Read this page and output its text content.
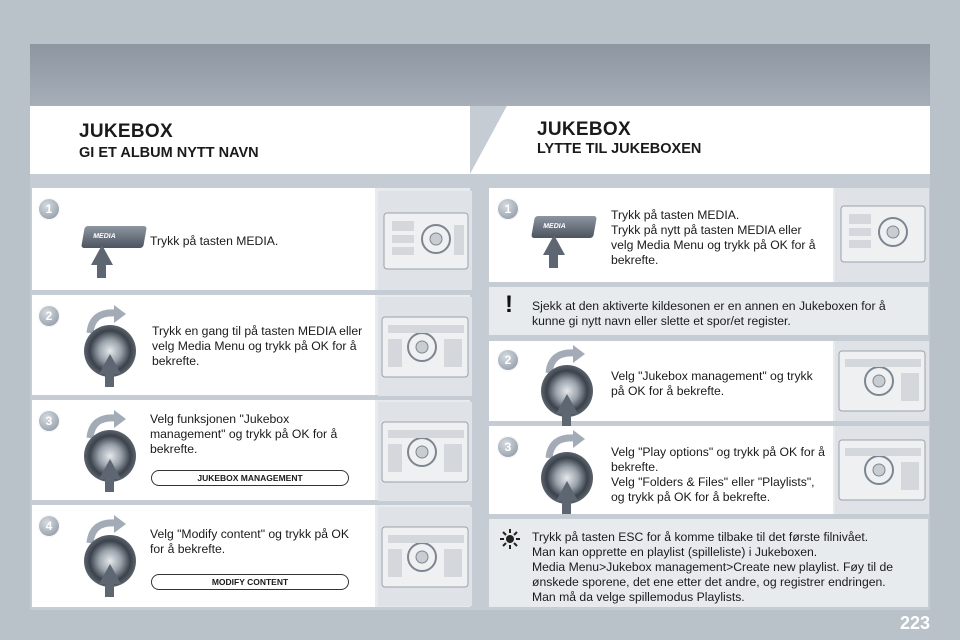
JUKEBOX
GI ET ALBUM NYTT NAVN
JUKEBOX
LYTTE TIL JUKEBOXEN
1
MEDIA	Trykk på tasten MEDIA.
2
Trykk en gang til på tasten MEDIA eller velg Media Menu og trykk på OK for å bekrefte.
3	Velg funksjonen "Jukebox management" og trykk på OK for å bekrefte.
JUKEBOX MANAGEMENT
4
Velg "Modify content" og trykk på OK for å bekrefte.
MODIFY CONTENT
1
MEDIA
Trykk på tasten MEDIA.
Trykk på nytt på tasten MEDIA eller velg Media Menu og trykk på OK for å bekrefte.
!	Sjekk at den aktiverte kildesonen er en annen en Jukeboxen for å kunne gi nytt navn eller slette et spor/et register.
2
Velg "Jukebox management" og trykk på OK for å bekrefte.
3	Velg "Play options" og trykk på OK for å bekrefte.
Velg "Folders & Files" eller "Playlists", og trykk på OK for å bekrefte.
Trykk på tasten ESC for å komme tilbake til det første filnivået.
Man kan opprette en playlist (spilleliste) i Jukeboxen.
Media Menu>Jukebox management>Create new playlist. Føy til de ønskede sporene, det ene etter det andre, og registrer endringen.
Man må da velge spillemodus Playlists.
223
